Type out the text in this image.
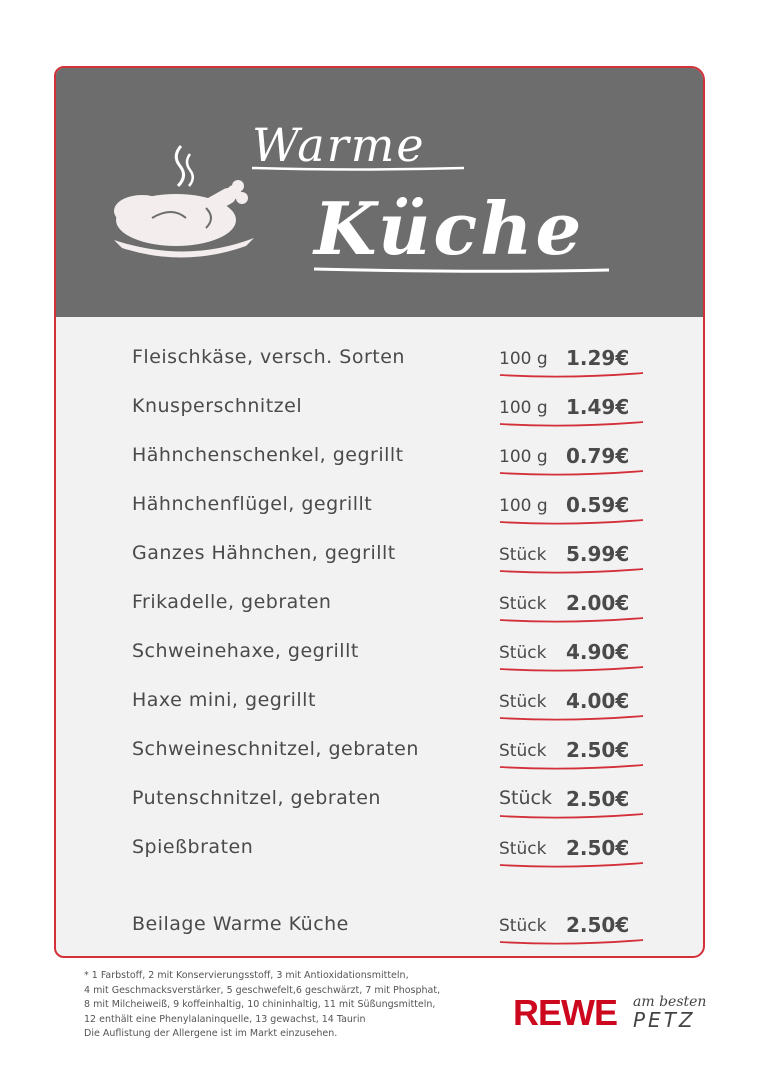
Warme
Küche
Fleischkäse, versch. Sorten	100 g 1.29€
Knusperschnitzel	100 g 1.49€
Hähnchenschenkel, gegrillt	100 g 0.79€
Hähnchenflügel, gegrillt	100 g 0.59€
Ganzes Hähnchen, gegrillt	Stück 5.99€
Frikadelle, gebraten	Stück 2.00€
Schweinehaxe, gegrillt	Stück 4.90€
Haxe mini, gegrillt	Stück 4.00€
Schweineschnitzel, gebraten	Stück 2.50€
Putenschnitzel, gebraten	Stück 2.50€
Spießbraten	Stück 2.50€
Beilage Warme Küche	Stück 2.50€
* 1 Farbstoff, 2 mit Konservierungsstoff, 3 mit Antioxidationsmitteln,
4 mit Geschmacksverstärker, 5 geschwefelt,6 geschwärzt, 7 mit Phosphat,
8 mit Milcheiweiß, 9 koffeinhaltig, 10 chininhaltig, 11 mit Süßungsmitteln,
12 enthält eine Phenylalaninquelle, 13 gewachst, 14 Taurin
Die Auflistung der Allergene ist im Markt einzusehen.
REWE am besten
PETZ
